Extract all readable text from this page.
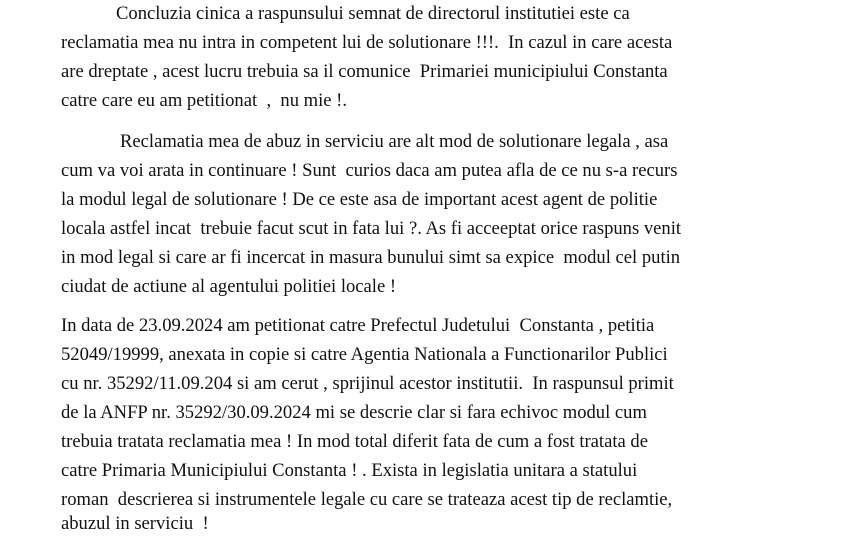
Concluzia cinica a raspunsului semnat de directorul institutiei este ca
reclamatia mea nu intra in competent lui de solutionare !!!.  In cazul in care acesta
are dreptate , acest lucru trebuia sa il comunice  Primariei municipiului Constanta
catre care eu am petitionat  ,  nu mie !.
Reclamatia mea de abuz in serviciu are alt mod de solutionare legala , asa
cum va voi arata in continuare ! Sunt  curios daca am putea afla de ce nu s-a recurs
la modul legal de solutionare ! De ce este asa de important acest agent de politie
locala astfel incat  trebuie facut scut in fata lui ?. As fi acceeptat orice raspuns venit
in mod legal si care ar fi incercat in masura bunului simt sa expice  modul cel putin
ciudat de actiune al agentului politiei locale !
In data de 23.09.2024 am petitionat catre Prefectul Judetului  Constanta , petitia
52049/19999, anexata in copie si catre Agentia Nationala a Functionarilor Publici
cu nr. 35292/11.09.204 si am cerut , sprijinul acestor institutii.  In raspunsul primit
de la ANFP nr. 35292/30.09.2024 mi se descrie clar si fara echivoc modul cum
trebuia tratata reclamatia mea ! In mod total diferit fata de cum a fost tratata de
catre Primaria Municipiului Constanta ! . Exista in legislatia unitara a statului
roman  descrierea si instrumentele legale cu care se trateaza acest tip de reclamtie,
abuzul in serviciu  !
